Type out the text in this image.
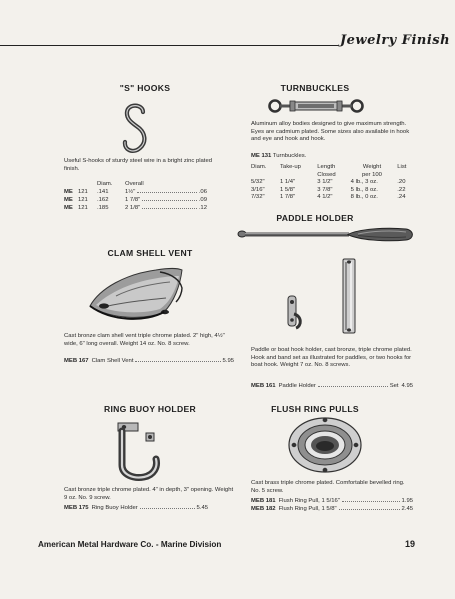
Jewelry Finish
"S" HOOKS
Useful S-hooks of sturdy steel wire in a bright zinc plated finish.
Diam. Overall
ME 121 .141	1½"	.06
ME 121 .162	1 7/8"	.09
ME 121 .185	2 1/8"	.12
CLAM SHELL VENT
Cast bronze clam shell vent triple chrome plated. 2" high, 4½" wide, 6" long overall. Weight 14 oz. No. 8 screw.
MEB 167 Clam Shell Vent	5.95
RING BUOY HOLDER
Cast bronze triple chrome plated. 4" in depth, 3" opening. Weight 9 oz. No. 9 screw.
MEB 175 Ring Buoy Holder	5.45
TURNBUCKLES
Aluminum alloy bodies designed to give maximum strength. Eyes are cadmium plated. Some sizes also available in hook and eye and hook and hook.
ME 131 Turnbuckles.
Diam.	Take-up	Length	Weight	List
		Closed	per 100	
5/32"	1 1/4"	3 1/2"	4 lb., 3 oz.	.20
3/16"	1 5/8"	3 7/8"	5 lb., 8 oz.	.22
7/32"	1 7/8"	4 1/2"	8 lb., 0 oz.	.24
PADDLE HOLDER
Paddle or boat hook holder, cast bronze, triple chrome plated. Hook and band set as illustrated for paddles, or two hooks for boat hook. Weight 7 oz. No. 8 screws.
MEB 161 Paddle Holder	Set 4.95
FLUSH RING PULLS
Cast brass triple chrome plated. Comfortable bevelled ring. No. 5 screw.
MEB 181 Flush Ring Pull, 1 5/16"	1.95
MEB 182 Flush Ring Pull, 1 5/8"	2.45
American Metal Hardware Co. - Marine Division	19
